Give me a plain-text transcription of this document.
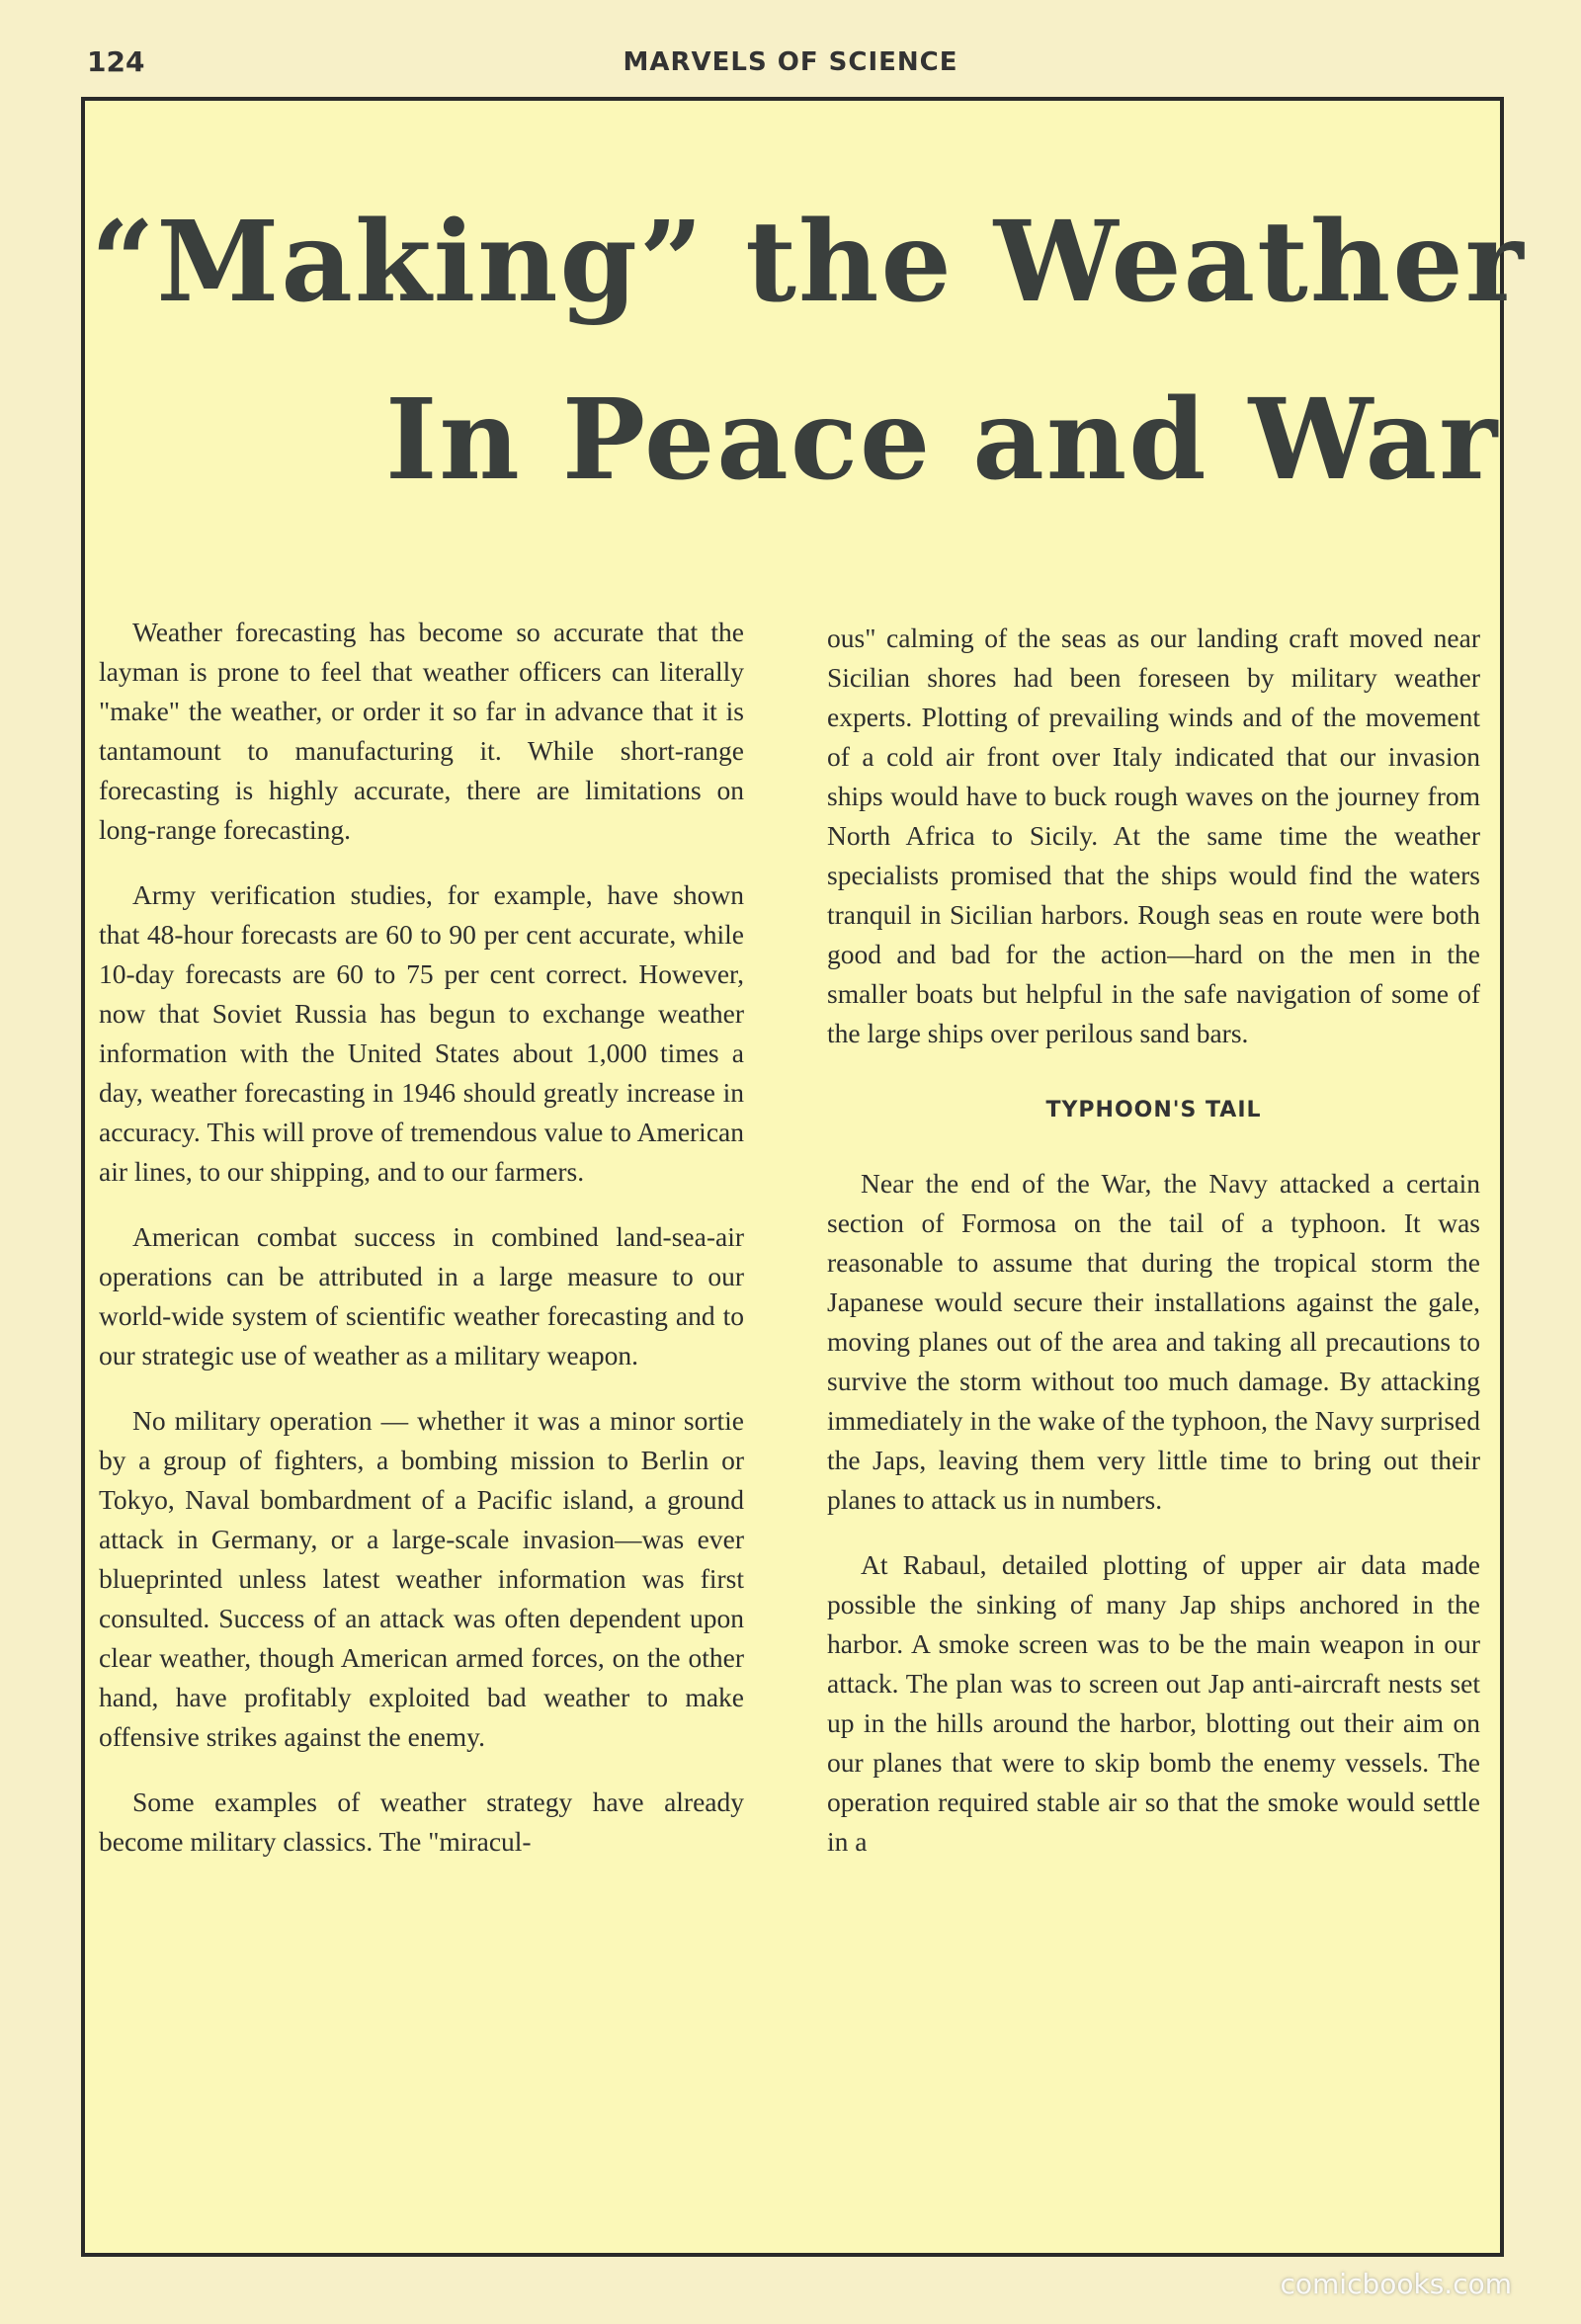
124	MARVELS OF SCIENCE
“Making” the Weather
In Peace and War

Weather forecasting has become so accurate that the layman is prone to feel that weather officers can literally "make" the weather, or order it so far in advance that it is tantamount to manufacturing it. While short-range forecasting is highly accurate, there are limitations on long-range forecasting.

Army verification studies, for example, have shown that 48-hour forecasts are 60 to 90 per cent accurate, while 10-day forecasts are 60 to 75 per cent correct. However, now that Soviet Russia has begun to exchange weather information with the United States about 1,000 times a day, weather forecasting in 1946 should greatly increase in accuracy. This will prove of tremendous value to American air lines, to our shipping, and to our farmers.

American combat success in combined land-sea-air operations can be attributed in a large measure to our world-wide system of scientific weather forecasting and to our strategic use of weather as a military weapon.

No military operation — whether it was a minor sortie by a group of fighters, a bombing mission to Berlin or Tokyo, Naval bombardment of a Pacific island, a ground attack in Germany, or a large-scale invasion—was ever blueprinted unless latest weather information was first consulted. Success of an attack was often dependent upon clear weather, though American armed forces, on the other hand, have profitably exploited bad weather to make offensive strikes against the enemy.

Some examples of weather strategy have already become military classics. The "miracul-

ous" calming of the seas as our landing craft moved near Sicilian shores had been foreseen by military weather experts. Plotting of prevailing winds and of the movement of a cold air front over Italy indicated that our invasion ships would have to buck rough waves on the journey from North Africa to Sicily. At the same time the weather specialists promised that the ships would find the waters tranquil in Sicilian harbors. Rough seas en route were both good and bad for the action—hard on the men in the smaller boats but helpful in the safe navigation of some of the large ships over perilous sand bars.

TYPHOON'S TAIL

Near the end of the War, the Navy attacked a certain section of Formosa on the tail of a typhoon. It was reasonable to assume that during the tropical storm the Japanese would secure their installations against the gale, moving planes out of the area and taking all precautions to survive the storm without too much damage. By attacking immediately in the wake of the typhoon, the Navy surprised the Japs, leaving them very little time to bring out their planes to attack us in numbers.

At Rabaul, detailed plotting of upper air data made possible the sinking of many Jap ships anchored in the harbor. A smoke screen was to be the main weapon in our attack. The plan was to screen out Jap anti-aircraft nests set up in the hills around the harbor, blotting out their aim on our planes that were to skip bomb the enemy vessels. The operation required stable air so that the smoke would settle in a

comicbooks.com
